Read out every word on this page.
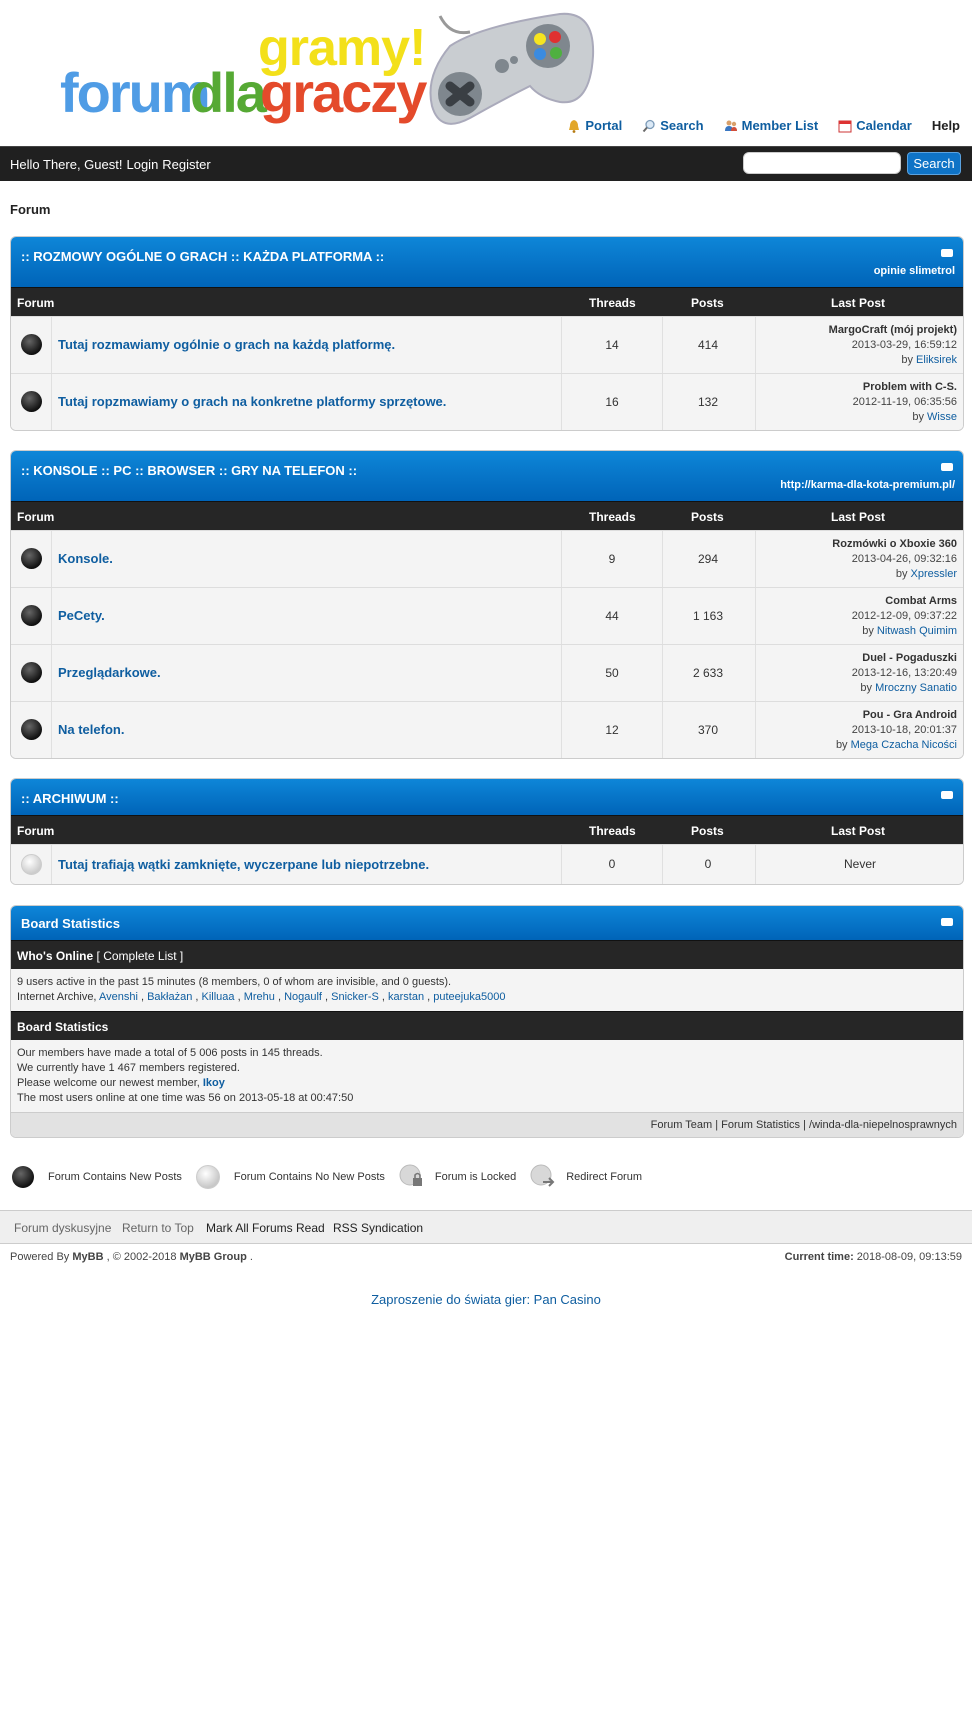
gramy!
forum
dla
graczy
Portal	Search	Member List	Calendar Help
Hello There, Guest! Login Register	Search
Forum
:: ROZMOWY OGÓLNE O GRACH :: KAŻDA PLATFORMA ::
opinie slimetrol
Forum	Threads	Posts	Last Post
Tutaj rozmawiamy ogólnie o grach na każdą platformę.	14	414
MargoCraft (mój projekt)
2013-03-29, 16:59:12
by Eliksirek
Tutaj ropzmawiamy o grach na konkretne platformy sprzętowe.	16	132
Problem with C-S.
2012-11-19, 06:35:56
by Wisse
:: KONSOLE :: PC :: BROWSER :: GRY NA TELEFON ::
http://karma-dla-kota-premium.pl/
Forum	Threads	Posts	Last Post
Konsole.	9	294
Rozmówki o Xboxie 360
2013-04-26, 09:32:16
by Xpressler
PeCety.	44	1 163
Combat Arms
2012-12-09, 09:37:22
by Nitwash Quimim
Przeglądarkowe.	50	2 633
Duel - Pogaduszki
2013-12-16, 13:20:49
by Mroczny Sanatio
Na telefon.	12	370
Pou - Gra Android
2013-10-18, 20:01:37
by Mega Czacha Nicości
:: ARCHIWUM ::
Forum	Threads	Posts	Last Post
Tutaj trafiają wątki zamknięte, wyczerpane lub niepotrzebne.	0	0	Never
Board Statistics
Who's Online [ Complete List ]
9 users active in the past 15 minutes (8 members, 0 of whom are invisible, and 0 guests).
Internet Archive, Avenshi , Bakłażan , Killuaa , Mrehu , Nogaulf , Snicker-S , karstan , puteejuka5000
Board Statistics
Our members have made a total of 5 006 posts in 145 threads.
We currently have 1 467 members registered.
Please welcome our newest member, Ikoy
The most users online at one time was 56 on 2013-05-18 at 00:47:50
Forum Team | Forum Statistics | /winda-dla-niepelnosprawnych
Forum Contains New Posts	Forum Contains No New Posts	Forum is Locked	Redirect Forum
Forum dyskusyjne Return to Top Mark All Forums Read RSS Syndication
Powered By MyBB , © 2002-2018 MyBB Group .	Current time: 2018-08-09, 09:13:59
Zaproszenie do świata gier: Pan Casino
